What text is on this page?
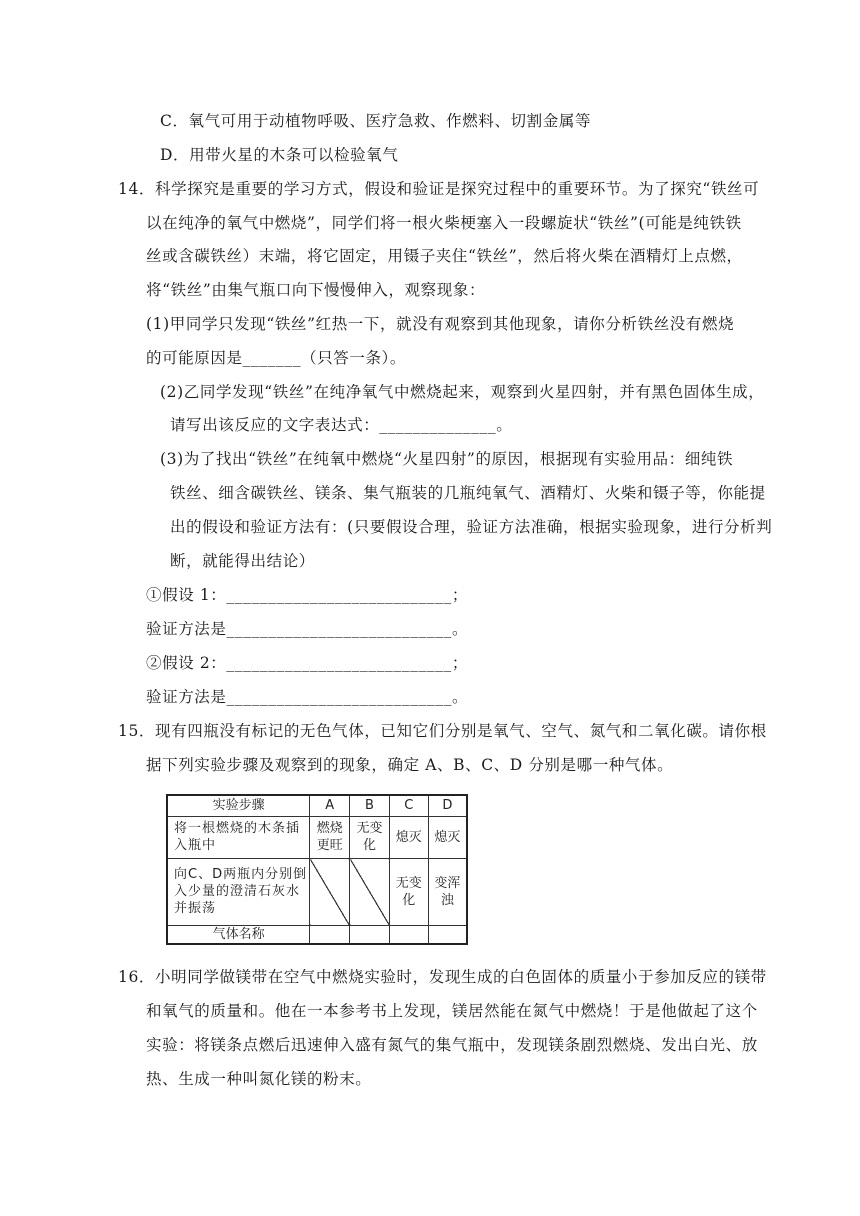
C．氧气可用于动植物呼吸、医疗急救、作燃料、切割金属等
D．用带火星的木条可以检验氧气
14．科学探究是重要的学习方式，假设和验证是探究过程中的重要环节。为了探究“铁丝可
以在纯净的氧气中燃烧”，同学们将一根火柴梗塞入一段螺旋状“铁丝”(可能是纯铁铁
丝或含碳铁丝）末端，将它固定，用镊子夹住“铁丝”，然后将火柴在酒精灯上点燃，
将“铁丝”由集气瓶口向下慢慢伸入，观察现象：
(1)甲同学只发现“铁丝”红热一下，就没有观察到其他现象，请你分析铁丝没有燃烧
的可能原因是_______（只答一条）。
(2)乙同学发现“铁丝”在纯净氧气中燃烧起来，观察到火星四射，并有黑色固体生成，
请写出该反应的文字表达式：______________。
(3)为了找出“铁丝”在纯氧中燃烧“火星四射”的原因，根据现有实验用品：细纯铁
铁丝、细含碳铁丝、镁条、集气瓶装的几瓶纯氧气、酒精灯、火柴和镊子等，你能提
出的假设和验证方法有：(只要假设合理，验证方法准确，根据实验现象，进行分析判
断，就能得出结论）
①假设 1：___________________________；
验证方法是___________________________。
②假设 2：___________________________；
验证方法是___________________________。
15．现有四瓶没有标记的无色气体，已知它们分别是氧气、空气、氮气和二氧化碳。请你根
据下列实验步骤及观察到的现象，确定 A、B、C、D 分别是哪一种气体。
实验步骤	A	B	C	D
将一根燃烧的木条插入瓶中	燃烧更旺	无变化	熄灭	熄灭
向C、D两瓶内分别倒入少量的澄清石灰水并振荡			无变化	变浑浊
气体名称				
16．小明同学做镁带在空气中燃烧实验时，发现生成的白色固体的质量小于参加反应的镁带
和氧气的质量和。他在一本参考书上发现，镁居然能在氮气中燃烧！于是他做起了这个
实验：将镁条点燃后迅速伸入盛有氮气的集气瓶中，发现镁条剧烈燃烧、发出白光、放
热、生成一种叫氮化镁的粉末。
